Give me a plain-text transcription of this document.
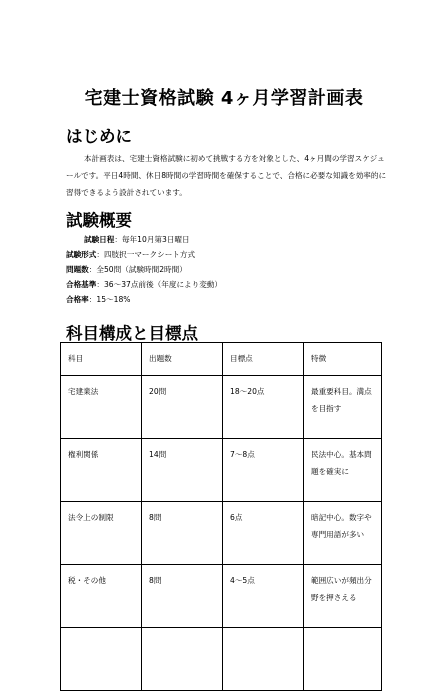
宅建士資格試験 4ヶ月学習計画表
はじめに

本計画表は、宅建士資格試験に初めて挑戦する方を対象とした、4ヶ月間の学習スケジュールです。平日4時間、休日8時間の学習時間を確保することで、合格に必要な知識を効率的に習得できるよう設計されています。

試験概要
試験日程：毎年10月第3日曜日
試験形式：四肢択一マークシート方式
問題数：全50問（試験時間2時間）
合格基準：36〜37点前後（年度により変動）
合格率：15〜18%
科目構成と目標点
科目	出題数	目標点	特徴
宅建業法	20問	18〜20点	最重要科目。満点を目指す
権利関係	14問	7〜8点	民法中心。基本問題を確実に
法令上の制限	8問	6点	暗記中心。数字や専門用語が多い
税・その他	8問	4〜5点	範囲広いが頻出分野を押さえる
